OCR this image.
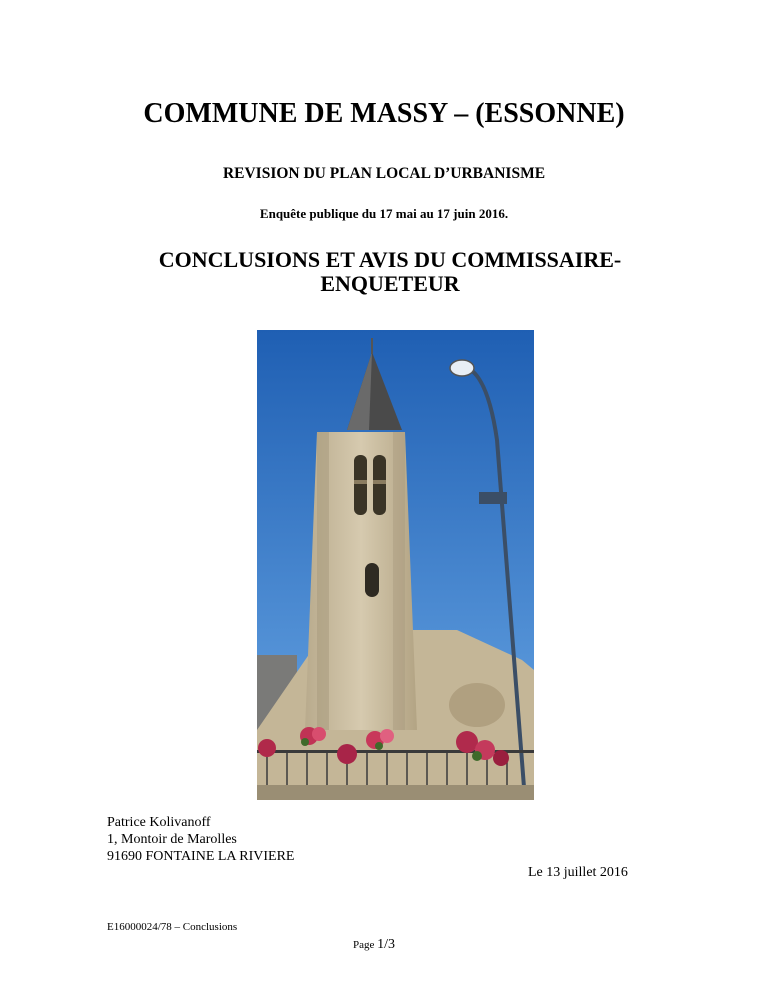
COMMUNE DE MASSY – (ESSONNE)
REVISION DU PLAN LOCAL D’URBANISME
Enquête publique du 17 mai au 17 juin 2016.
CONCLUSIONS ET AVIS DU COMMISSAIRE-
ENQUETEUR
Patrice Kolivanoff
1, Montoir de Marolles
91690 FONTAINE LA RIVIERE
Le 13 juillet 2016
E16000024/78 – Conclusions
Page 1/3
